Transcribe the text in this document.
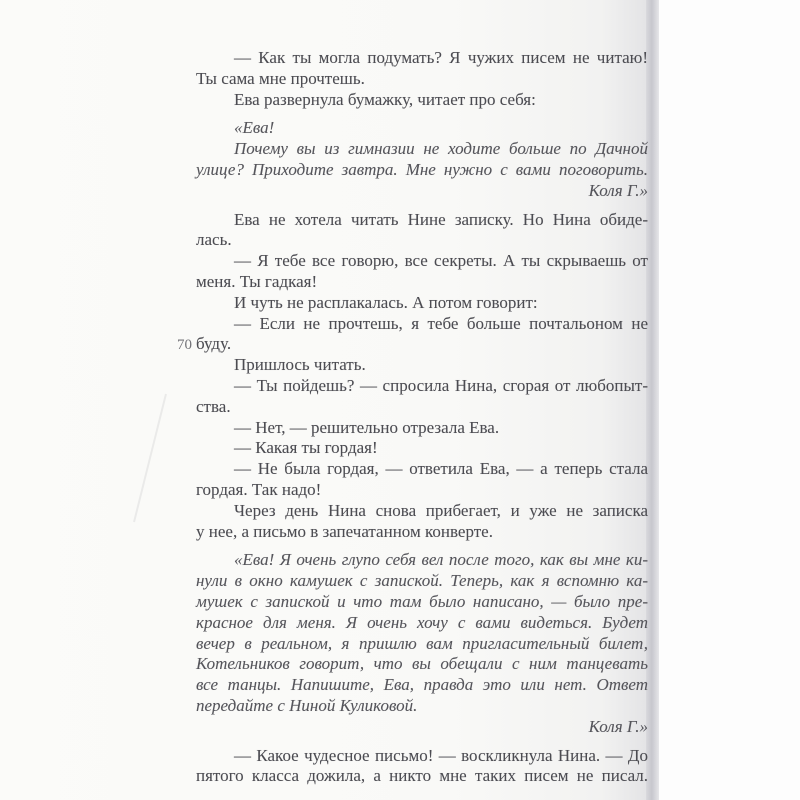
70
— Как ты могла подумать? Я чужих писем не читаю!
Ты сама мне прочтешь.
Ева развернула бумажку, читает про себя:
«Ева!
Почему вы из гимназии не ходите больше по Дачной
улице? Приходите завтра. Мне нужно с вами поговорить.
Коля Г.»
Ева не хотела читать Нине записку. Но Нина обиде-
лась.
— Я тебе все говорю, все секреты. А ты скрываешь от
меня. Ты гадкая!
И чуть не расплакалась. А потом говорит:
— Если не прочтешь, я тебе больше почтальоном не
буду.
Пришлось читать.
— Ты пойдешь? — спросила Нина, сгорая от любопыт-
ства.
— Нет, — решительно отрезала Ева.
— Какая ты гордая!
— Не была гордая, — ответила Ева, — а теперь стала
гордая. Так надо!
Через день Нина снова прибегает, и уже не записка
у нее, а письмо в запечатанном конверте.
«Ева! Я очень глупо себя вел после того, как вы мне ки-
нули в окно камушек с запиской. Теперь, как я вспомню ка-
мушек с запиской и что там было написано, — было пре-
красное для меня. Я очень хочу с вами видеться. Будет
вечер в реальном, я пришлю вам пригласительный билет,
Котельников говорит, что вы обещали с ним танцевать
все танцы. Напишите, Ева, правда это или нет. Ответ
передайте с Ниной Куликовой.
Коля Г.»
— Какое чудесное письмо! — воскликнула Нина. — До
пятого класса дожила, а никто мне таких писем не писал.
